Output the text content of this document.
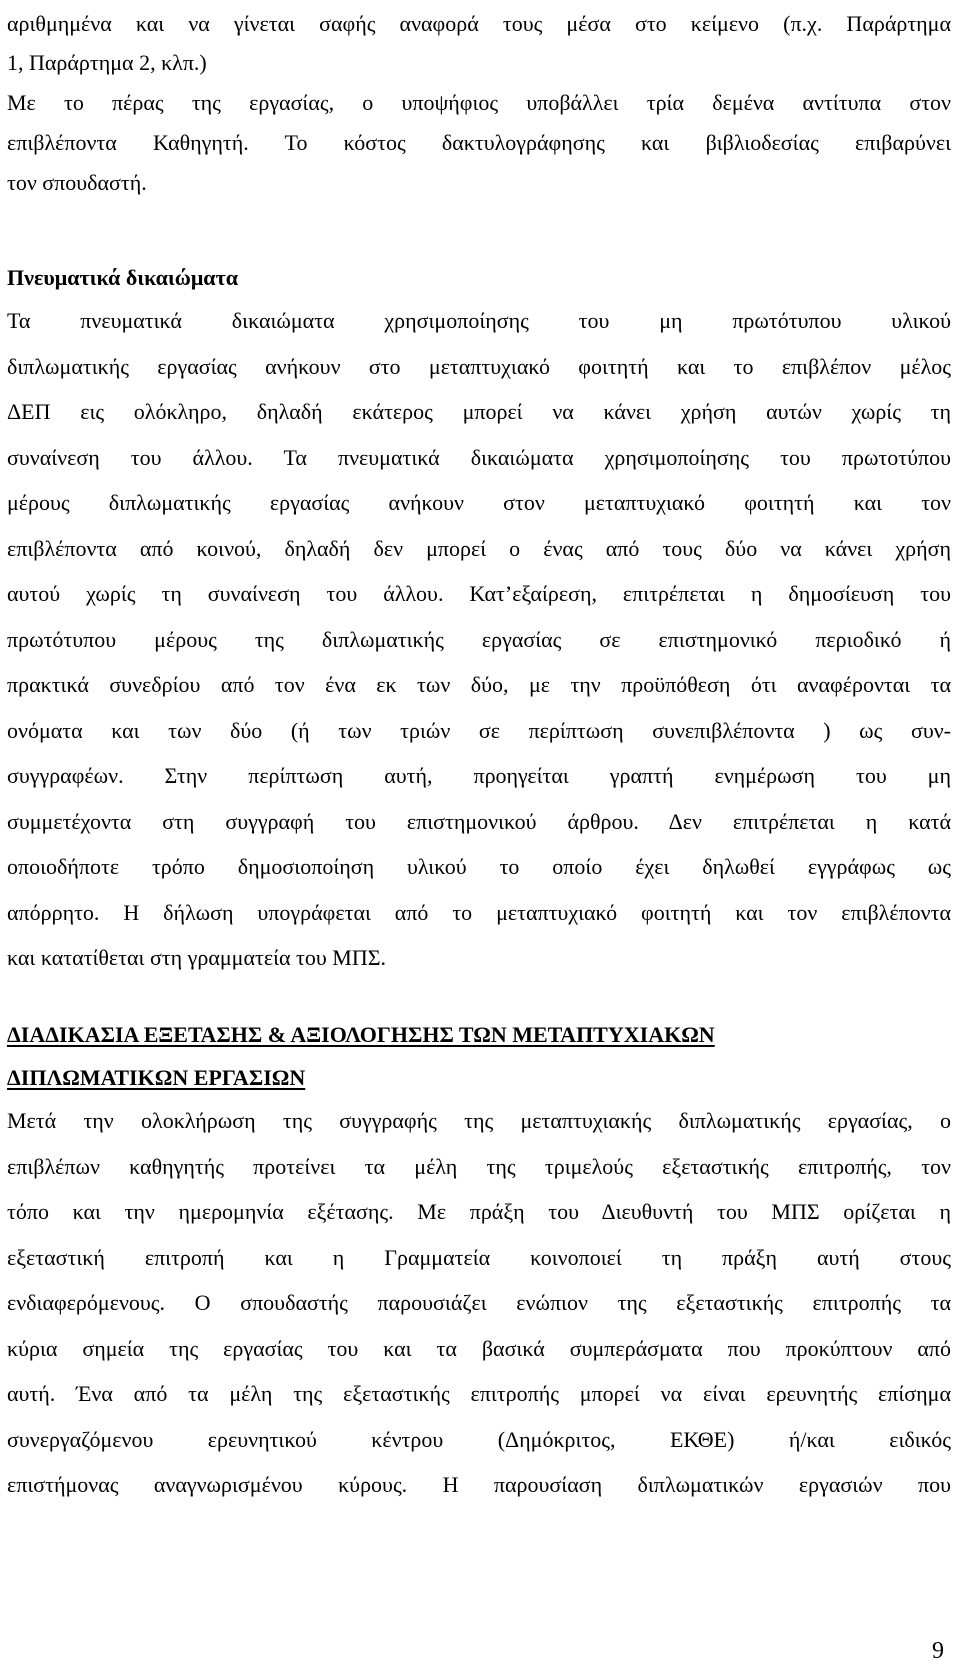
αριθμημένα και να γίνεται σαφής αναφορά τους μέσα στο κείμενο (π.χ. Παράρτημα
1, Παράρτημα 2, κλπ.)
Με το πέρας της εργασίας, ο υποψήφιος υποβάλλει τρία δεμένα αντίτυπα στον
επιβλέποντα Καθηγητή. Το κόστος δακτυλογράφησης και βιβλιοδεσίας επιβαρύνει
τον σπουδαστή.
Πνευματικά δικαιώματα
Τα πνευματικά δικαιώματα χρησιμοποίησης του μη πρωτότυπου υλικού
διπλωματικής εργασίας ανήκουν στο μεταπτυχιακό φοιτητή και το επιβλέπον μέλος
ΔΕΠ εις ολόκληρο, δηλαδή εκάτερος μπορεί να κάνει χρήση αυτών χωρίς τη
συναίνεση του άλλου. Τα πνευματικά δικαιώματα χρησιμοποίησης του πρωτοτύπου
μέρους διπλωματικής εργασίας ανήκουν στον μεταπτυχιακό φοιτητή και τον
επιβλέποντα από κοινού, δηλαδή δεν μπορεί ο ένας από τους δύο να κάνει χρήση
αυτού χωρίς τη συναίνεση του άλλου. Κατ’εξαίρεση, επιτρέπεται η δημοσίευση του
πρωτότυπου μέρους της διπλωματικής εργασίας σε επιστημονικό περιοδικό ή
πρακτικά συνεδρίου από τον ένα εκ των δύο, με την προϋπόθεση ότι αναφέρονται τα
ονόματα και των δύο (ή των τριών σε περίπτωση συνεπιβλέποντα ) ως συν-
συγγραφέων. Στην περίπτωση αυτή, προηγείται γραπτή ενημέρωση του μη
συμμετέχοντα στη συγγραφή του επιστημονικού άρθρου. Δεν επιτρέπεται η κατά
οποιοδήποτε τρόπο δημοσιοποίηση υλικού το οποίο έχει δηλωθεί εγγράφως ως
απόρρητο. Η δήλωση υπογράφεται από το μεταπτυχιακό φοιτητή και τον επιβλέποντα
και κατατίθεται στη γραμματεία του ΜΠΣ.
ΔΙΑΔΙΚΑΣΙΑ ΕΞΕΤΑΣΗΣ & ΑΞΙΟΛΟΓΗΣΗΣ ΤΩΝ ΜΕΤΑΠΤΥΧΙΑΚΩΝ
ΔΙΠΛΩΜΑΤΙΚΩΝ ΕΡΓΑΣΙΩΝ
Μετά την ολοκλήρωση της συγγραφής της μεταπτυχιακής διπλωματικής εργασίας, ο
επιβλέπων καθηγητής προτείνει τα μέλη της τριμελούς εξεταστικής επιτροπής, τον
τόπο και την ημερομηνία εξέτασης. Με πράξη του Διευθυντή του ΜΠΣ ορίζεται η
εξεταστική επιτροπή και η Γραμματεία κοινοποιεί τη πράξη αυτή στους
ενδιαφερόμενους. Ο σπουδαστής παρουσιάζει ενώπιον της εξεταστικής επιτροπής τα
κύρια σημεία της εργασίας του και τα βασικά συμπεράσματα που προκύπτουν από
αυτή. Ένα από τα μέλη της εξεταστικής επιτροπής μπορεί να είναι ερευνητής επίσημα
συνεργαζόμενου ερευνητικού κέντρου (Δημόκριτος, ΕΚΘΕ) ή/και ειδικός
επιστήμονας αναγνωρισμένου κύρους. Η παρουσίαση διπλωματικών εργασιών που
9
